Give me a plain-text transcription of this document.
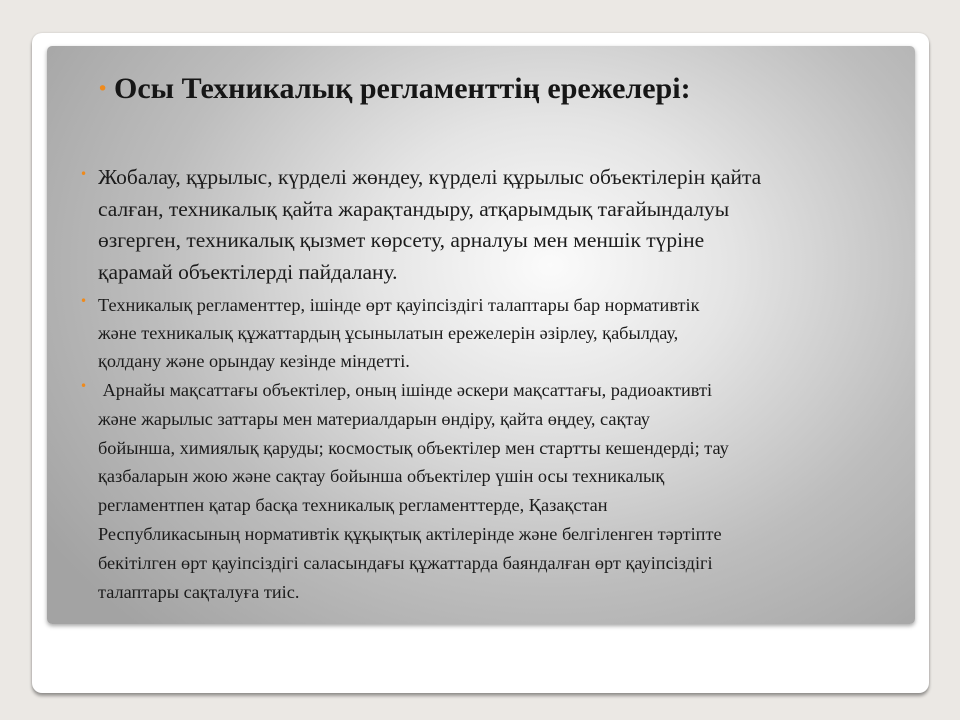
• Осы Техникалық регламенттің ережелері:
• Жобалау, құрылыс, күрделі жөндеу, күрделі құрылыс объектілерін қайта
салған, техникалық қайта жарақтандыру, атқарымдық тағайындалуы
өзгерген, техникалық қызмет көрсету, арналуы мен меншік түріне
қарамай объектілерді пайдалану.

• Техникалық регламенттер, ішінде өрт қауіпсіздігі талаптары бар нормативтік
және техникалық құжаттардың ұсынылатын ережелерін әзірлеу, қабылдау,
қолдану және орындау кезінде міндетті.

• Арнайы мақсаттағы объектілер, оның ішінде әскери мақсаттағы, радиоактивті
және жарылыс заттары мен материалдарын өндіру, қайта өңдеу, сақтау
бойынша, химиялық қаруды; космостық объектілер мен стартты кешендерді; тау
қазбаларын жою және сақтау бойынша объектілер үшін осы техникалық
регламентпен қатар басқа техникалық регламенттерде, Қазақстан
Республикасының нормативтік құқықтық актілерінде және белгіленген тәртіпте
бекітілген өрт қауіпсіздігі саласындағы құжаттарда баяндалған өрт қауіпсіздігі
талаптары сақталуға тиіс.
